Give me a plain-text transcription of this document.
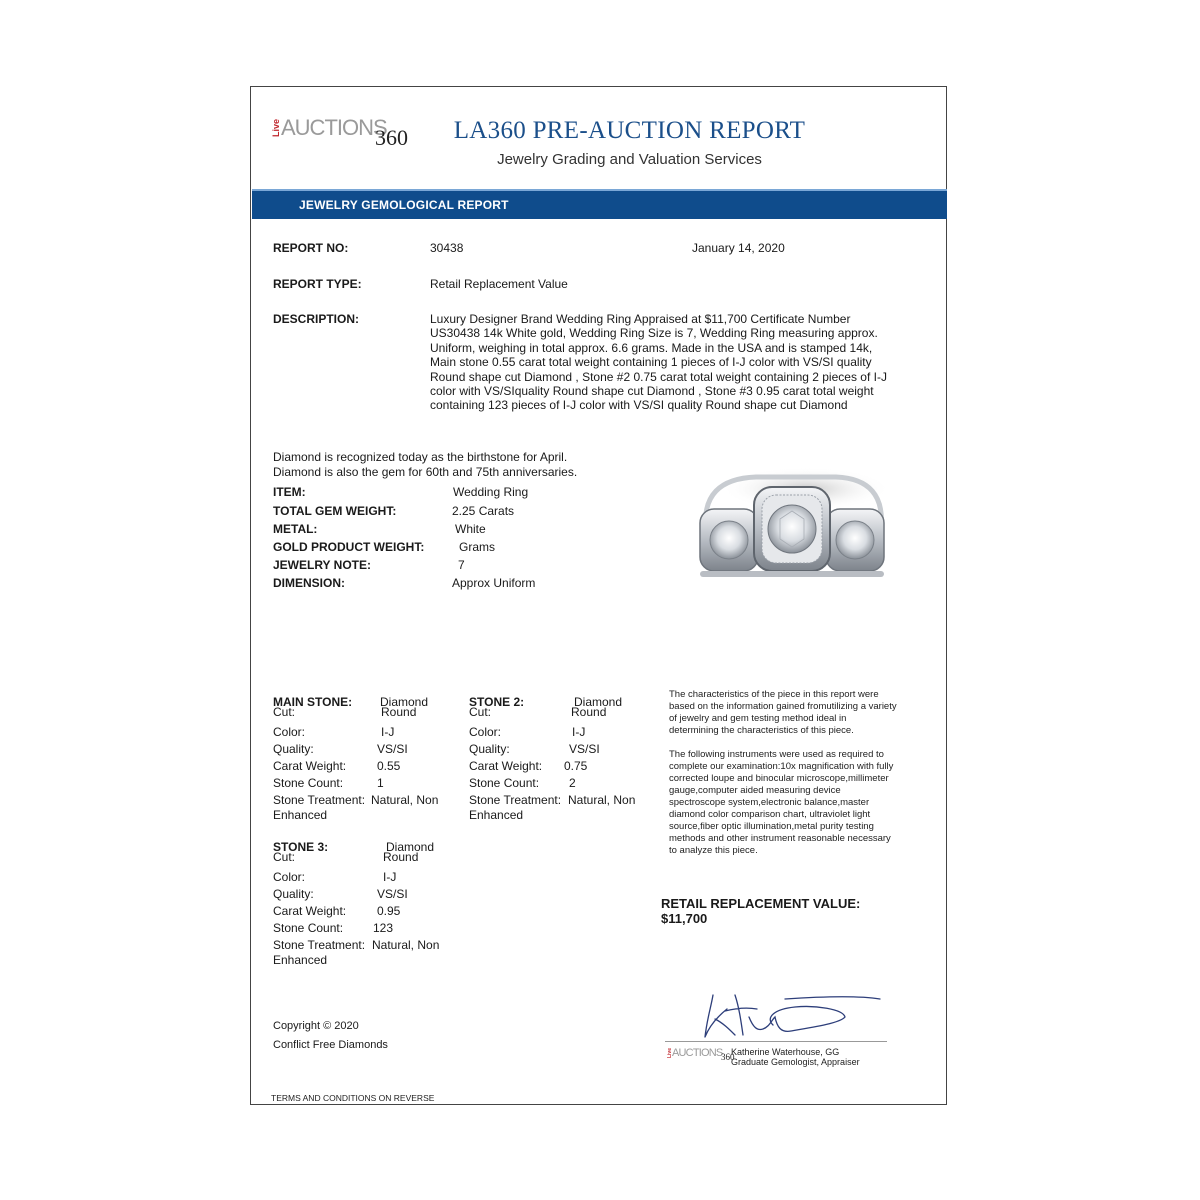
Live AUCTIONS
360	LA360 PRE-AUCTION REPORT
Jewelry Grading and Valuation Services
JEWELRY GEMOLOGICAL REPORT
REPORT NO:	30438	January 14, 2020
REPORT TYPE:	Retail Replacement Value
DESCRIPTION:	Luxury Designer Brand Wedding Ring Appraised at $11,700 Certificate Number
US30438 14k White gold, Wedding Ring Size is 7, Wedding Ring measuring approx.
Uniform, weighing in total approx. 6.6 grams. Made in the USA and is stamped 14k,
Main stone 0.55 carat total weight containing 1 pieces of I-J color with VS/SI quality
Round shape cut Diamond , Stone #2 0.75 carat total weight containing 2 pieces of I-J
color with VS/SIquality Round shape cut Diamond , Stone #3 0.95 carat total weight
containing 123 pieces of I-J color with VS/SI quality Round shape cut Diamond
Diamond is recognized today as the birthstone for April.
Diamond is also the gem for 60th and 75th anniversaries.
ITEM:	Wedding Ring
TOTAL GEM WEIGHT:	2.25 Carats
METAL:	White
GOLD PRODUCT WEIGHT:	Grams
JEWELRY NOTE:	7
DIMENSION:	Approx Uniform
MAIN STONE: Diamond
Cut:	Round
Color:	I-J
Quality:	VS/SI
Carat Weight:	0.55
Stone Count:	1
Stone Treatment: Natural, Non
Enhanced
STONE 2:	Diamond
Cut:	Round
Color:	I-J
Quality:	VS/SI
Carat Weight: 0.75
Stone Count: 2
Stone Treatment: Natural, Non
Enhanced
STONE 3:	Diamond
Cut:	Round
Color:	I-J
Quality:	VS/SI
Carat Weight:	0.95
Stone Count: 123
Stone Treatment: Natural, Non
Enhanced
The characteristics of the piece in this report were
based on the information gained fromutilizing a variety
of jewelry and gem testing method ideal in
determining the characteristics of this piece.
The following instruments were used as required to
complete our examination:10x magnification with fully
corrected loupe and binocular microscope,millimeter
gauge,computer aided measuring device
spectroscope system,electronic balance,master
diamond color comparison chart, ultraviolet light
source,fiber optic illumination,metal purity testing
methods and other instrument reasonable necessary
to analyze this piece.
RETAIL REPLACEMENT VALUE:
$11,700
Copyright © 2020
Conflict Free Diamonds
Live AUCTIONS
360
Katherine Waterhouse, GG
Graduate Gemologist, Appraiser
TERMS AND CONDITIONS ON REVERSE
